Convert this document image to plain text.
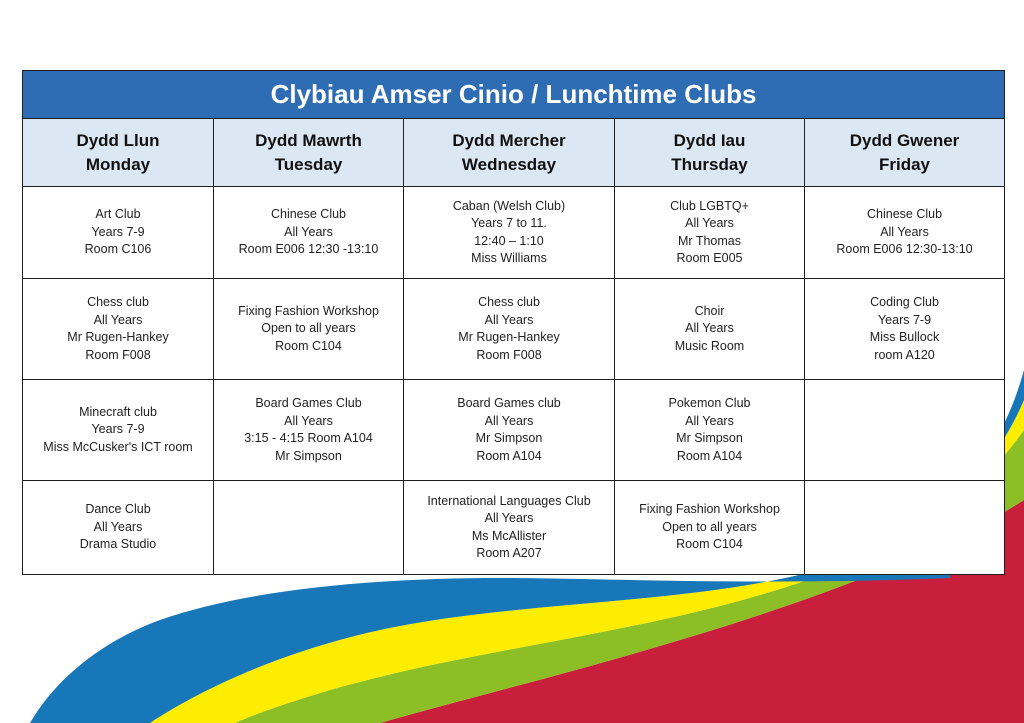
Clybiau Amser Cinio / Lunchtime Clubs				

Dydd Llun
Monday	Dydd Mawrth
Tuesday	Dydd Mercher
Wednesday	Dydd Iau
Thursday	Dydd Gwener
Friday

Art Club
Years 7-9
Room C106	Chinese Club
All Years
Room E006 12:30 -13:10	Caban (Welsh Club)
Years 7 to 11.
12:40 – 1:10
Miss Williams	Club LGBTQ+
All Years
Mr Thomas
Room E005	Chinese Club
All Years
Room E006 12:30-13:10

Chess club
All Years
Mr Rugen-Hankey
Room F008	Fixing Fashion Workshop
Open to all years
Room C104	Chess club
All Years
Mr Rugen-Hankey
Room F008	Choir
All Years
Music Room	Coding Club
Years 7-9
Miss Bullock
room A120

Minecraft club
Years 7-9
Miss McCusker's ICT room	Board Games Club
All Years
3:15 - 4:15 Room A104
Mr Simpson	Board Games club
All Years
Mr Simpson
Room A104	Pokemon Club
All Years
Mr Simpson
Room A104	

Dance Club
All Years
Drama Studio		International Languages Club
All Years
Ms McAllister
Room A207	Fixing Fashion Workshop
Open to all years
Room C104	
